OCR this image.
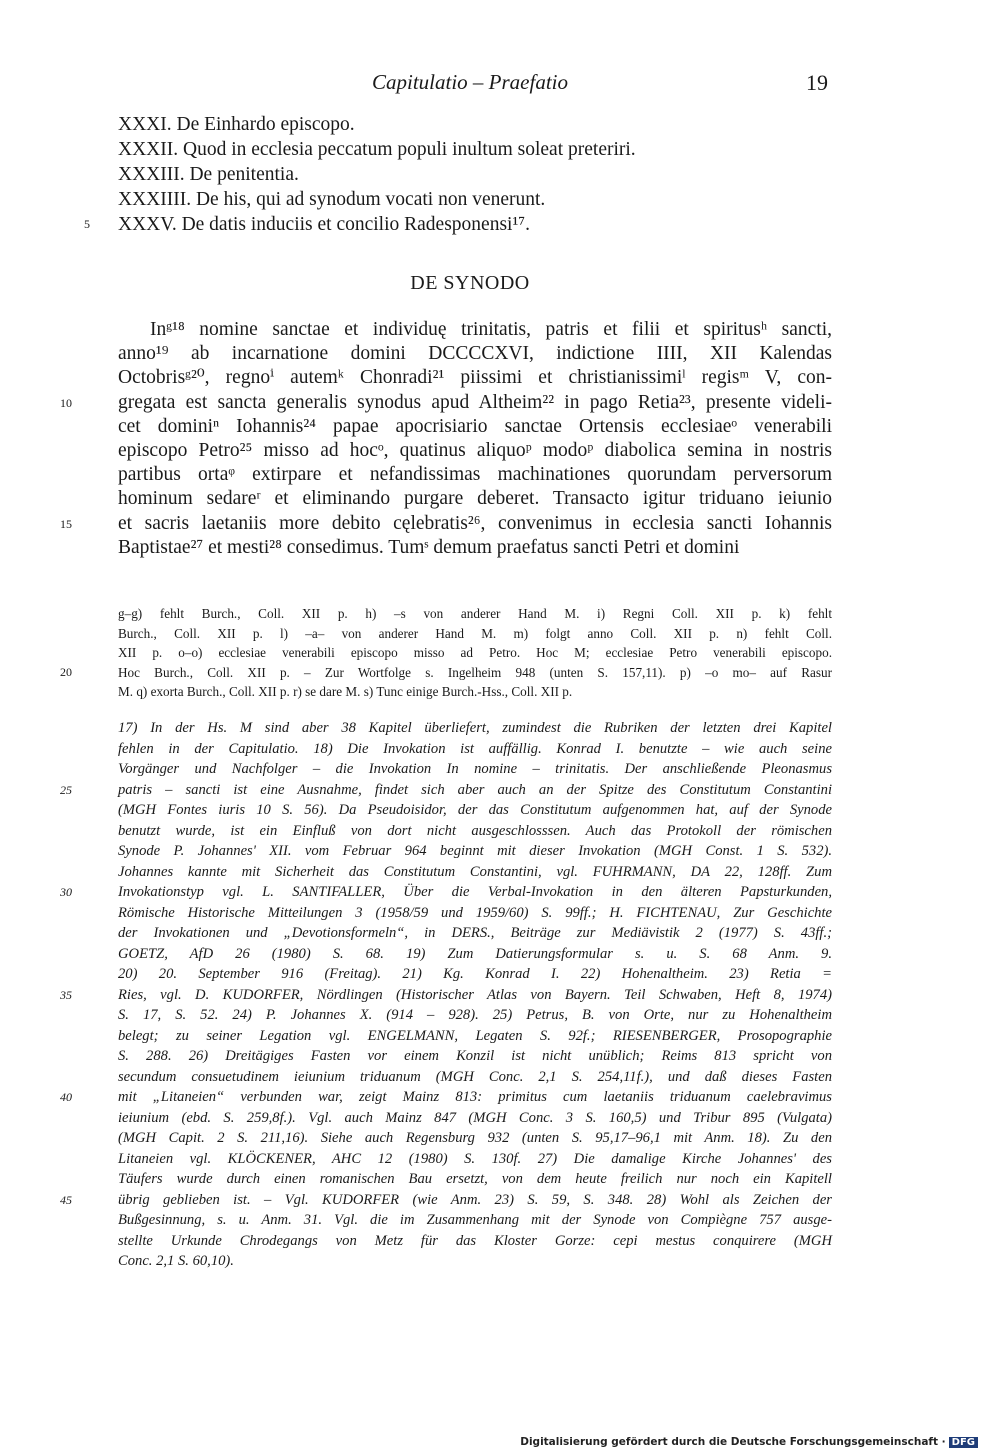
Capitulatio – Praefatio	19
XXXI. De Einhardo episcopo.
XXXII. Quod in ecclesia peccatum populi inultum soleat preteriri.
XXXIII. De penitentia.
XXXIIII. De his, qui ad synodum vocati non venerunt.
5 XXXV. De datis induciis et concilio Radesponensi¹⁷.
DE SYNODO
Inᵍ¹⁸ nomine sanctae et individuę trinitatis, patris et filii et spiritusʰ sancti,
anno¹⁹ ab incarnatione domini DCCCCXVI, indictione IIII, XII Kalendas
Octobrisᵍ²⁰, regnoⁱ autemᵏ Chonradi²¹ piissimi et christianissimiˡ regisᵐ V, con-
10	gregata est sancta generalis synodus apud Altheim²² in pago Retia²³, presente videli-
cet dominiⁿ Iohannis²⁴ papae apocrisiario sanctae Ortensis ecclesiaeᵒ venerabili
episcopo Petro²⁵ misso ad hocᵒ, quatinus aliquoᵖ modoᵖ diabolica semina in nostris
partibus ortaᵠ extirpare et nefandissimas machinationes quorundam perversorum
hominum sedareʳ et eliminando purgare deberet. Transacto igitur triduano ieiunio
15	et sacris laetaniis more debito cęlebratis²⁶, convenimus in ecclesia sancti Iohannis
Baptistae²⁷ et mesti²⁸ consedimus. Tumˢ demum praefatus sancti Petri et domini
g–g) fehlt Burch., Coll. XII p. h) –s von anderer Hand M. i) Regni Coll. XII p. k) fehlt
Burch., Coll. XII p. l) –a– von anderer Hand M. m) folgt anno Coll. XII p. n) fehlt Coll.
XII p. o–o) ecclesiae venerabili episcopo misso ad Petro. Hoc M; ecclesiae Petro venerabili episcopo.
20	Hoc Burch., Coll. XII p. – Zur Wortfolge s. Ingelheim 948 (unten S. 157,11). p) –o mo– auf Rasur
M. q) exorta Burch., Coll. XII p. r) se dare M. s) Tunc einige Burch.-Hss., Coll. XII p.
17) In der Hs. M sind aber 38 Kapitel überliefert, zumindest die Rubriken der letzten drei Kapitel
fehlen in der Capitulatio. 18) Die Invokation ist auffällig. Konrad I. benutzte – wie auch seine
Vorgänger und Nachfolger – die Invokation In nomine – trinitatis. Der anschließende Pleonasmus
25	patris – sancti ist eine Ausnahme, findet sich aber auch an der Spitze des Constitutum Constantini
(MGH Fontes iuris 10 S. 56). Da Pseudoisidor, der das Constitutum aufgenommen hat, auf der Synode
benutzt wurde, ist ein Einfluß von dort nicht ausgeschlosssen. Auch das Protokoll der römischen
Synode P. Johannes' XII. vom Februar 964 beginnt mit dieser Invokation (MGH Const. 1 S. 532).
Johannes kannte mit Sicherheit das Constitutum Constantini, vgl. FUHRMANN, DA 22, 128ff. Zum
30	Invokationstyp vgl. L. SANTIFALLER, Über die Verbal-Invokation in den älteren Papsturkunden,
Römische Historische Mitteilungen 3 (1958/59 und 1959/60) S. 99ff.; H. FICHTENAU, Zur Geschichte
der Invokationen und „Devotionsformeln“, in DERS., Beiträge zur Mediävistik 2 (1977) S. 43ff.;
GOETZ, AfD 26 (1980) S. 68. 19) Zum Datierungsformular s. u. S. 68 Anm. 9.
20) 20. September 916 (Freitag). 21) Kg. Konrad I. 22) Hohenaltheim. 23) Retia =
35	Ries, vgl. D. KUDORFER, Nördlingen (Historischer Atlas von Bayern. Teil Schwaben, Heft 8, 1974)
S. 17, S. 52. 24) P. Johannes X. (914 – 928). 25) Petrus, B. von Orte, nur zu Hohenaltheim
belegt; zu seiner Legation vgl. ENGELMANN, Legaten S. 92f.; RIESENBERGER, Prosopographie
S. 288. 26) Dreitägiges Fasten vor einem Konzil ist nicht unüblich; Reims 813 spricht von
secundum consuetudinem ieiunium triduanum (MGH Conc. 2,1 S. 254,11f.), und daß dieses Fasten
40	mit „Litaneien“ verbunden war, zeigt Mainz 813: primitus cum laetaniis triduanum caelebravimus
ieiunium (ebd. S. 259,8f.). Vgl. auch Mainz 847 (MGH Conc. 3 S. 160,5) und Tribur 895 (Vulgata)
(MGH Capit. 2 S. 211,16). Siehe auch Regensburg 932 (unten S. 95,17–96,1 mit Anm. 18). Zu den
Litaneien vgl. KLÖCKENER, AHC 12 (1980) S. 130f. 27) Die damalige Kirche Johannes' des
Täufers wurde durch einen romanischen Bau ersetzt, von dem heute freilich nur noch ein Kapitell
45	übrig geblieben ist. – Vgl. KUDORFER (wie Anm. 23) S. 59, S. 348. 28) Wohl als Zeichen der
Bußgesinnung, s. u. Anm. 31. Vgl. die im Zusammenhang mit der Synode von Compiègne 757 ausge-
stellte Urkunde Chrodegangs von Metz für das Kloster Gorze: cepi mestus conquirere (MGH
Conc. 2,1 S. 60,10).
Digitalisierung gefördert durch die Deutsche Forschungsgemeinschaft · DFG
